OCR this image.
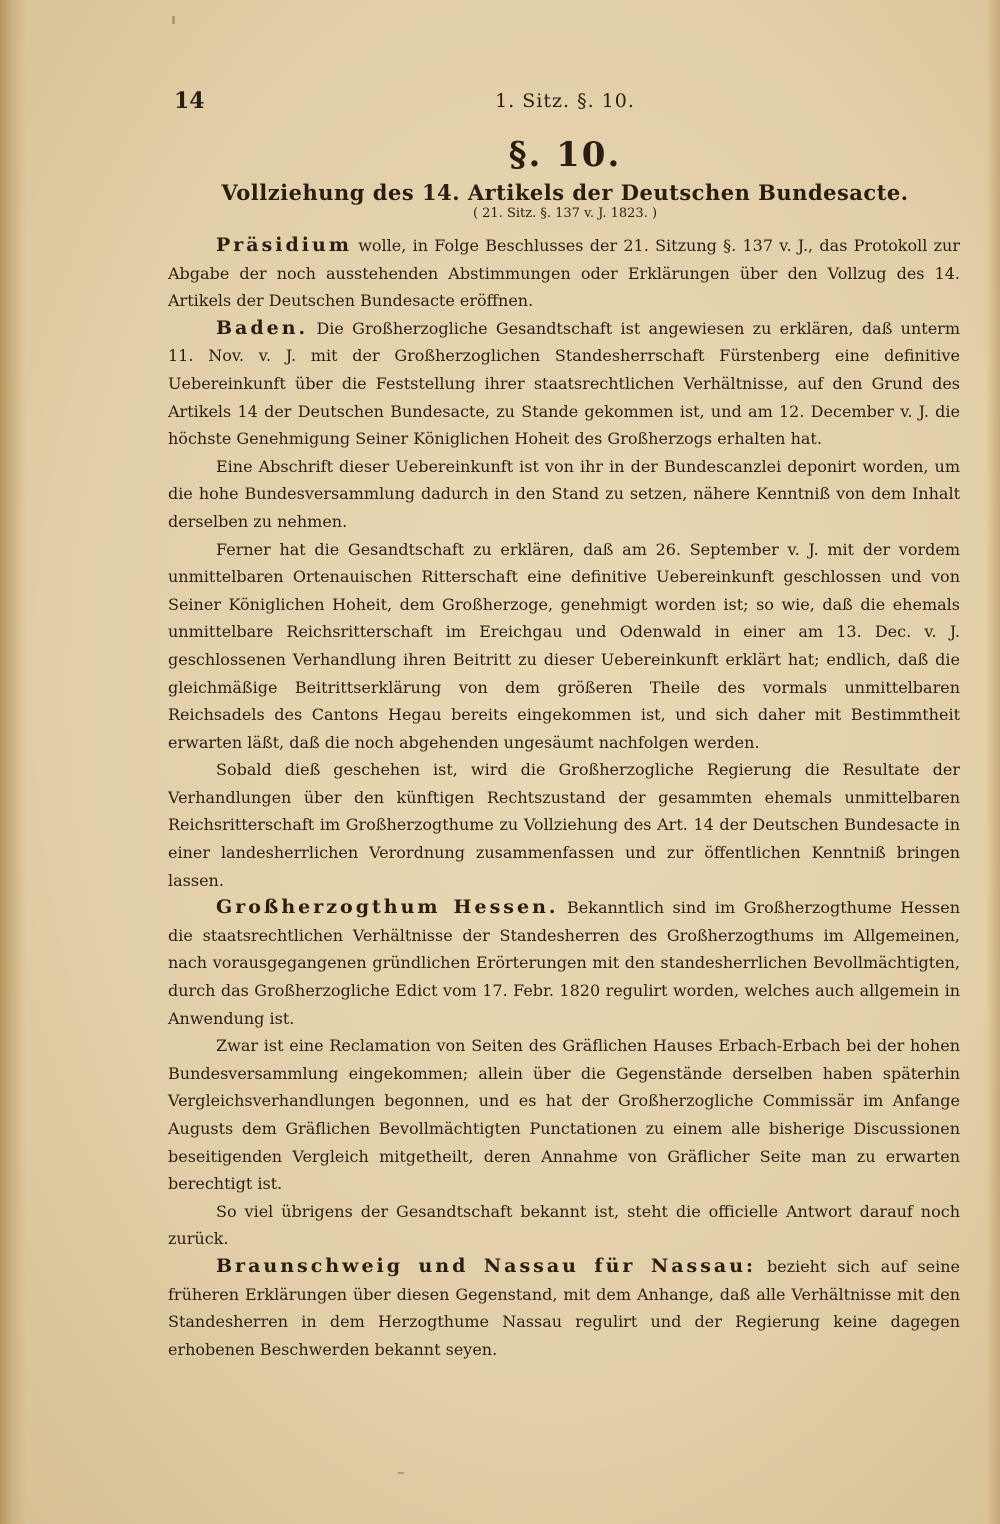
14	1. Sitz. §. 10.
§. 10.
Vollziehung des 14. Artikels der Deutschen Bundesacte.
( 21. Sitz. §. 137 v. J. 1823. )

Präsidium wolle, in Folge Beschlusses der 21. Sitzung §. 137 v. J., das Protokoll zur Abgabe der noch ausstehenden Abstimmungen oder Erklärungen über den Vollzug des 14. Artikels der Deutschen Bundesacte eröffnen.

Baden. Die Großherzogliche Gesandtschaft ist angewiesen zu erklären, daß unterm 11. Nov. v. J. mit der Großherzoglichen Standesherrschaft Fürstenberg eine definitive Uebereinkunft über die Feststellung ihrer staatsrechtlichen Verhältnisse, auf den Grund des Artikels 14 der Deutschen Bundesacte, zu Stande gekommen ist, und am 12. December v. J. die höchste Genehmigung Seiner Königlichen Hoheit des Großherzogs erhalten hat.

Eine Abschrift dieser Uebereinkunft ist von ihr in der Bundescanzlei deponirt worden, um die hohe Bundesversammlung dadurch in den Stand zu setzen, nähere Kenntniß von dem Inhalt derselben zu nehmen.

Ferner hat die Gesandtschaft zu erklären, daß am 26. September v. J. mit der vordem unmittelbaren Ortenauischen Ritterschaft eine definitive Uebereinkunft geschlossen und von Seiner Königlichen Hoheit, dem Großherzoge, genehmigt worden ist; so wie, daß die ehemals unmittelbare Reichsritterschaft im Ereichgau und Odenwald in einer am 13. Dec. v. J. geschlossenen Verhandlung ihren Beitritt zu dieser Uebereinkunft erklärt hat; endlich, daß die gleichmäßige Beitrittserklärung von dem größeren Theile des vormals unmittelbaren Reichsadels des Cantons Hegau bereits eingekommen ist, und sich daher mit Bestimmtheit erwarten läßt, daß die noch abgehenden ungesäumt nachfolgen werden.

Sobald dieß geschehen ist, wird die Großherzogliche Regierung die Resultate der Verhandlungen über den künftigen Rechtszustand der gesammten ehemals unmittelbaren Reichsritterschaft im Großherzogthume zu Vollziehung des Art. 14 der Deutschen Bundesacte in einer landesherrlichen Verordnung zusammenfassen und zur öffentlichen Kenntniß bringen lassen.

Großherzogthum Hessen. Bekanntlich sind im Großherzogthume Hessen die staatsrechtlichen Verhältnisse der Standesherren des Großherzogthums im Allgemeinen, nach vorausgegangenen gründlichen Erörterungen mit den standesherrlichen Bevollmächtigten, durch das Großherzogliche Edict vom 17. Febr. 1820 regulirt worden, welches auch allgemein in Anwendung ist.

Zwar ist eine Reclamation von Seiten des Gräflichen Hauses Erbach-Erbach bei der hohen Bundesversammlung eingekommen; allein über die Gegenstände derselben haben späterhin Vergleichsverhandlungen begonnen, und es hat der Großherzogliche Commissär im Anfange Augusts dem Gräflichen Bevollmächtigten Punctationen zu einem alle bisherige Discussionen beseitigenden Vergleich mitgetheilt, deren Annahme von Gräflicher Seite man zu erwarten berechtigt ist.

So viel übrigens der Gesandtschaft bekannt ist, steht die officielle Antwort darauf noch zurück.

Braunschweig und Nassau für Nassau: bezieht sich auf seine früheren Erklärungen über diesen Gegenstand, mit dem Anhange, daß alle Verhältnisse mit den Standesherren in dem Herzogthume Nassau regulirt und der Regierung keine dagegen erhobenen Beschwerden bekannt seyen.
